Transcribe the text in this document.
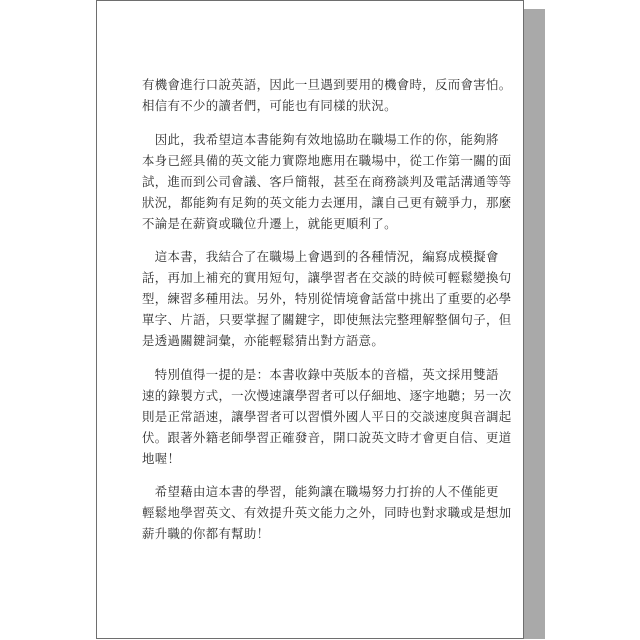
有機會進行口說英語，因此一旦遇到要用的機會時，反而會害怕。
相信有不少的讀者們，可能也有同樣的狀況。
　因此，我希望這本書能夠有效地協助在職場工作的你，能夠將
本身已經具備的英文能力實際地應用在職場中，從工作第一關的面
試，進而到公司會議、客戶簡報，甚至在商務談判及電話溝通等等
狀況，都能夠有足夠的英文能力去運用，讓自己更有競爭力，那麼
不論是在薪資或職位升遷上，就能更順利了。
　這本書，我結合了在職場上會遇到的各種情況，編寫成模擬會
話，再加上補充的實用短句，讓學習者在交談的時候可輕鬆變換句
型，練習多種用法。另外，特別從情境會話當中挑出了重要的必學
單字、片語，只要掌握了關鍵字，即使無法完整理解整個句子，但
是透過關鍵詞彙，亦能輕鬆猜出對方語意。
　特別值得一提的是：本書收錄中英版本的音檔，英文採用雙語
速的錄製方式，一次慢速讓學習者可以仔細地、逐字地聽；另一次
則是正常語速，讓學習者可以習慣外國人平日的交談速度與音調起
伏。跟著外籍老師學習正確發音，開口說英文時才會更自信、更道
地喔！
　希望藉由這本書的學習，能夠讓在職場努力打拚的人不僅能更
輕鬆地學習英文、有效提升英文能力之外，同時也對求職或是想加
薪升職的你都有幫助！
